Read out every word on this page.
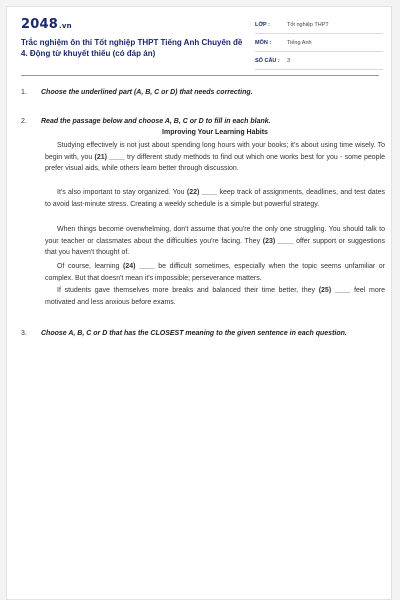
2048.vn
Trắc nghiệm ôn thi Tốt nghiệp THPT Tiếng Anh Chuyên đề 4. Động từ khuyết thiếu (có đáp án)
LỚP :	Tốt nghiệp THPT
MÔN :	Tiếng Anh
SỐ CÂU : 3
1. Choose the underlined part (A, B, C or D) that needs correcting.
2. Read the passage below and choose A, B, C or D to fill in each blank.
Improving Your Learning Habits
Studying effectively is not just about spending long hours with your books; it's about using time wisely. To begin with, you (21) ____ try different study methods to find out which one works best for you - some people prefer visual aids, while others learn better through discussion.
It's also important to stay organized. You (22) ____ keep track of assignments, deadlines, and test dates to avoid last-minute stress. Creating a weekly schedule is a simple but powerful strategy.
When things become overwhelming, don't assume that you're the only one struggling. You should talk to your teacher or classmates about the difficulties you're facing. They (23) ____ offer support or suggestions that you haven't thought of.
Of course, learning (24) ____ be difficult sometimes, especially when the topic seems unfamiliar or complex. But that doesn't mean it's impossible; perseverance matters.
If students gave themselves more breaks and balanced their time better, they (25) ____ feel more motivated and less anxious before exams.
3. Choose A, B, C or D that has the CLOSEST meaning to the given sentence in each question.
